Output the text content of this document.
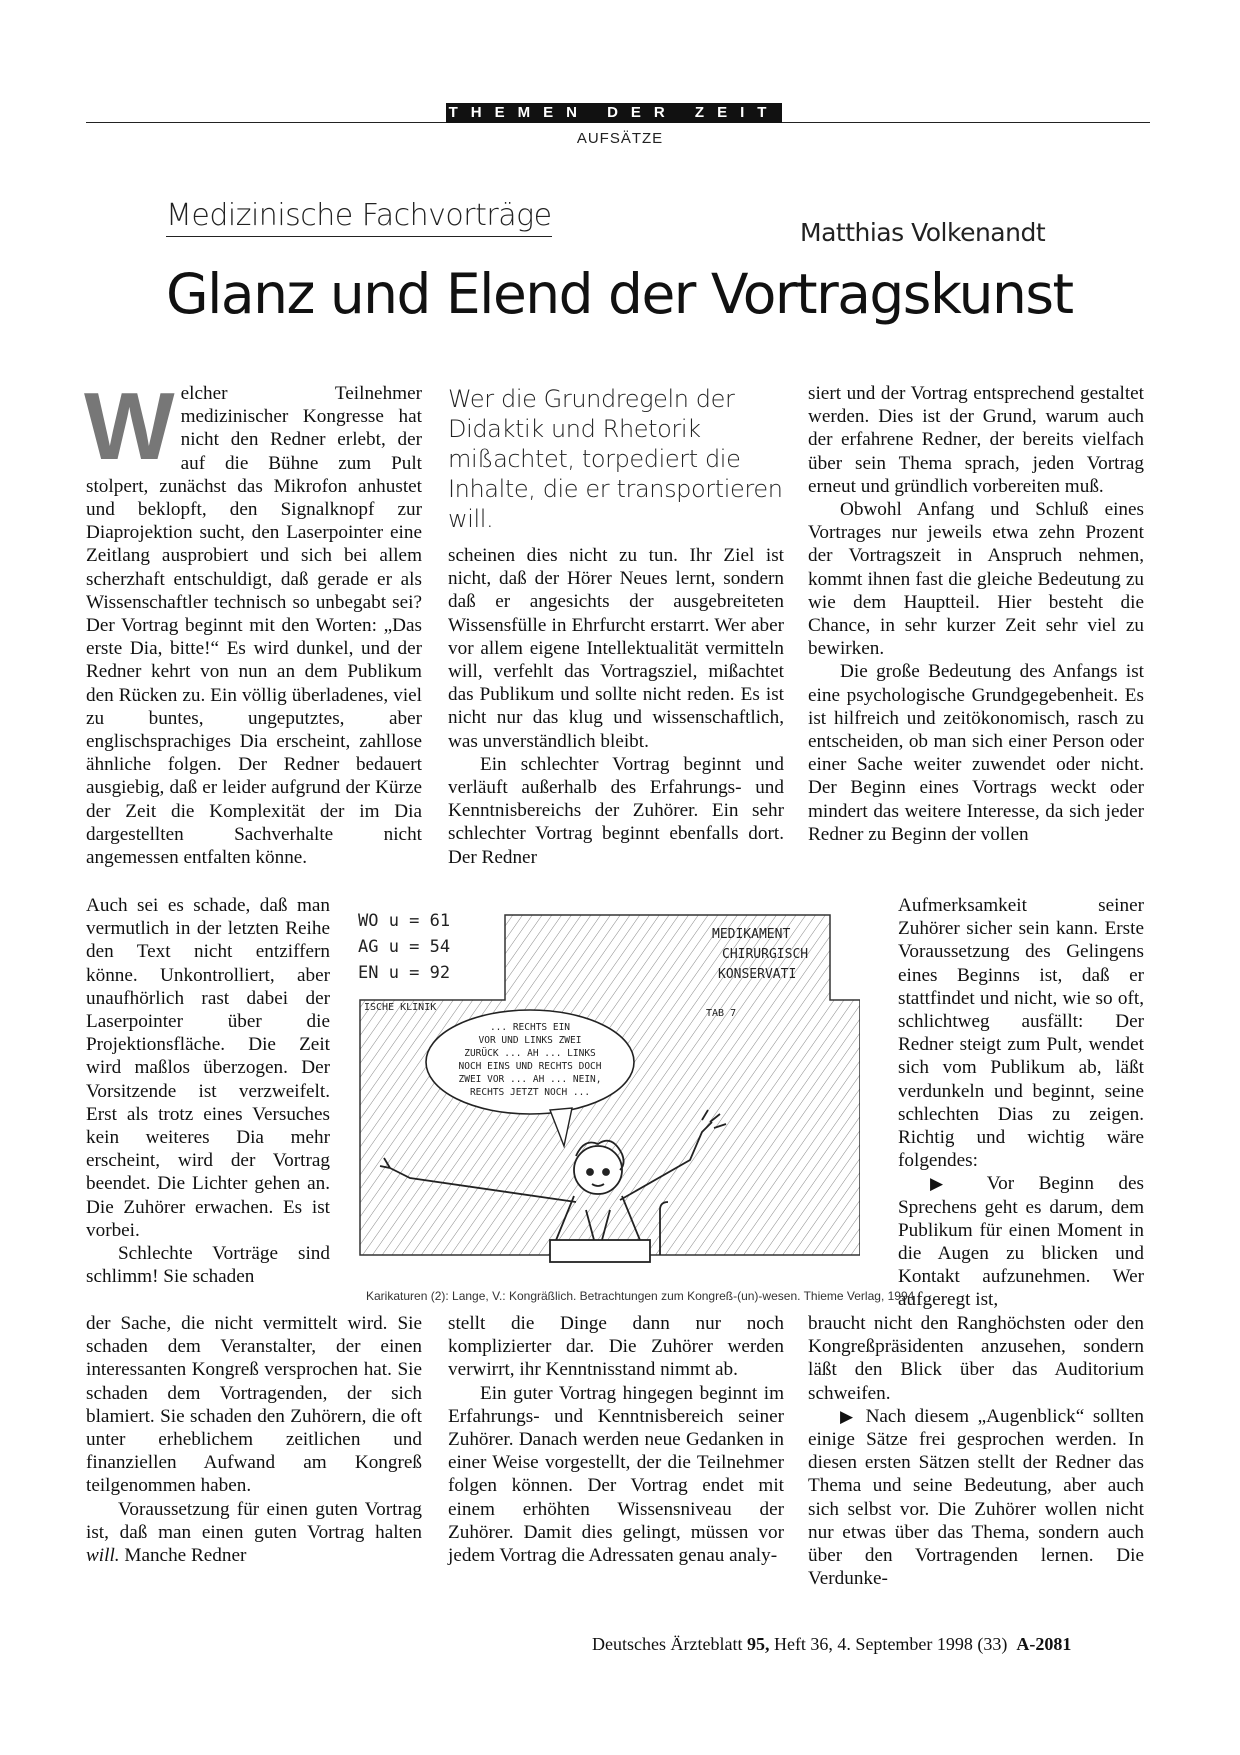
THEMEN DER ZEIT
AUFSÄTZE
Medizinische Fachvorträge	Matthias Volkenandt
Glanz und Elend der Vortragskunst

Welcher Teilnehmer medizinischer Kongresse hat nicht den Redner erlebt, der auf die Bühne zum Pult stolpert, zunächst das Mikrofon anhustet und beklopft, den Signalknopf zur Diaprojektion sucht, den Laserpointer eine Zeitlang ausprobiert und sich bei allem scherzhaft entschuldigt, daß gerade er als Wissenschaftler technisch so unbegabt sei? Der Vortrag beginnt mit den Worten: „Das erste Dia, bitte!“ Es wird dunkel, und der Redner kehrt von nun an dem Publikum den Rücken zu. Ein völlig überladenes, viel zu buntes, ungeputztes, aber englischsprachiges Dia erscheint, zahllose ähnliche folgen. Der Redner bedauert ausgiebig, daß er leider aufgrund der Kürze der Zeit die Komplexität der im Dia dargestellten Sachverhalte nicht angemessen entfalten könne.

Auch sei es schade, daß man vermutlich in der letzten Reihe den Text nicht entziffern könne. Unkontrolliert, aber unaufhörlich rast dabei der Laserpointer über die Projektionsfläche. Die Zeit wird maßlos überzogen. Der Vorsitzende ist verzweifelt. Erst als trotz eines Versuches kein weiteres Dia mehr erscheint, wird der Vortrag beendet. Die Lichter gehen an. Die Zuhörer erwachen. Es ist vorbei.

Schlechte Vorträge sind schlimm! Sie schaden

der Sache, die nicht vermittelt wird. Sie schaden dem Veranstalter, der einen interessanten Kongreß versprochen hat. Sie schaden dem Vortragenden, der sich blamiert. Sie schaden den Zuhörern, die oft unter erheblichem zeitlichen und finanziellen Aufwand am Kongreß teilgenommen haben.

Voraussetzung für einen guten Vortrag ist, daß man einen guten Vortrag halten will. Manche Redner

Wer die Grundregeln der Didaktik und Rhetorik mißachtet, torpediert die Inhalte, die er transportieren will.

scheinen dies nicht zu tun. Ihr Ziel ist nicht, daß der Hörer Neues lernt, sondern daß er angesichts der ausgebreiteten Wissensfülle in Ehrfurcht erstarrt. Wer aber vor allem eigene Intellektualität vermitteln will, verfehlt das Vortragsziel, mißachtet das Publikum und sollte nicht reden. Es ist nicht nur das klug und wissenschaftlich, was unverständlich bleibt.

Ein schlechter Vortrag beginnt und verläuft außerhalb des Erfahrungs- und Kenntnisbereichs der Zuhörer. Ein sehr schlechter Vortrag beginnt ebenfalls dort. Der Redner

stellt die Dinge dann nur noch komplizierter dar. Die Zuhörer werden verwirrt, ihr Kenntnisstand nimmt ab.

Ein guter Vortrag hingegen beginnt im Erfahrungs- und Kenntnisbereich seiner Zuhörer. Danach werden neue Gedanken in einer Weise vorgestellt, der die Teilnehmer folgen können. Der Vortrag endet mit einem erhöhten Wissensniveau der Zuhörer. Damit dies gelingt, müssen vor jedem Vortrag die Adressaten genau analy-

siert und der Vortrag entsprechend gestaltet werden. Dies ist der Grund, warum auch der erfahrene Redner, der bereits vielfach über sein Thema sprach, jeden Vortrag erneut und gründlich vorbereiten muß.

Obwohl Anfang und Schluß eines Vortrages nur jeweils etwa zehn Prozent der Vortragszeit in Anspruch nehmen, kommt ihnen fast die gleiche Bedeutung zu wie dem Hauptteil. Hier besteht die Chance, in sehr kurzer Zeit sehr viel zu bewirken.

Die große Bedeutung des Anfangs ist eine psychologische Grundgegebenheit. Es ist hilfreich und zeitökonomisch, rasch zu entscheiden, ob man sich einer Person oder einer Sache weiter zuwendet oder nicht. Der Beginn eines Vortrags weckt oder mindert das weitere Interesse, da sich jeder Redner zu Beginn der vollen

Aufmerksamkeit seiner Zuhörer sicher sein kann. Erste Voraussetzung des Gelingens eines Beginns ist, daß er stattfindet und nicht, wie so oft, schlichtweg ausfällt: Der Redner steigt zum Pult, wendet sich vom Publikum ab, läßt verdunkeln und beginnt, seine schlechten Dias zu zeigen. Richtig und wichtig wäre folgendes:

▶ Vor Beginn des Sprechens geht es darum, dem Publikum für einen Moment in die Augen zu blicken und Kontakt aufzunehmen. Wer aufgeregt ist,

braucht nicht den Ranghöchsten oder den Kongreßpräsidenten anzusehen, sondern läßt den Blick über das Auditorium schweifen.

▶ Nach diesem „Augenblick“ sollten einige Sätze frei gesprochen werden. In diesen ersten Sätzen stellt der Redner das Thema und seine Bedeutung, aber auch sich selbst vor. Die Zuhörer wollen nicht nur etwas über das Thema, sondern auch über den Vortragenden lernen. Die Verdunke-

WO u = 61
AG u = 54
EN u = 92
MEDIKAMENT
CHIRURGISCH
KONSERVATI
ISCHE KLINIK
TAB 7
... RECHTS EIN
VOR UND LINKS ZWEI
ZURÜCK ... AH ... LINKS
NOCH EINS UND RECHTS DOCH
ZWEI VOR ... AH ... NEIN,
RECHTS JETZT NOCH ...
Karikaturen (2): Lange, V.: Kongräßlich. Betrachtungen zum Kongreß-(un)-wesen. Thieme Verlag, 1994
Deutsches Ärzteblatt 95, Heft 36, 4. September 1998 (33) A-2081
